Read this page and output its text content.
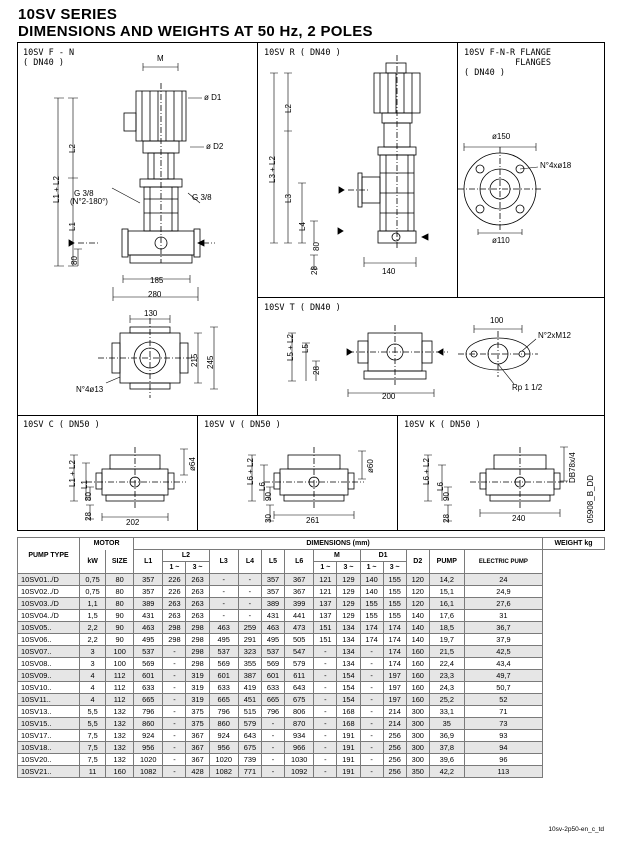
10SV SERIES
DIMENSIONS AND WEIGHTS AT 50 Hz, 2 POLES
10SV F - N
( DN40 )
10SV R ( DN40 )	10SV F-N-R FLANGE
FLANGES
( DN40 )
10SV T ( DN40 )
10SV C ( DN50 )	10SV V ( DN50 )	10SV K ( DN50 )
M
ø D1
ø D2
L2
L1 + L2
L1
G 3/8
(N°2-180°)	G 3/8
80
185
280
130
215 245
N°4ø13
L2
L3 + L2
L3
L4
80
28	140
ø150
N°4xø18
ø110
L5 + L2 L5
28
200
100
N°2xM12
Rp 1 1/2
L1 + L2 L1
80
28
202
ø64	L6 + L2
L6
90
30	261
ø60	L6 + L2
L6
90
28	240
DB78x/4
05908_B_DD
PUMP TYPE	MOTOR		DIMENSIONS (mm)														WEIGHT kg
	kW	SIZE	L1	L2		L3	L4	L5	L6	M		D1		D2	PUMP	ELECTRIC PUMP	
				1 ~	3 ~					1 ~	3 ~	1 ~	3 ~				
10SV01../D	0,75	80	357	226	263	-	-	357	367	121	129	140	155	120	14,2	24	
10SV02../D	0,75	80	357	226	263	-	-	357	367	121	129	140	155	120	15,1	24,9	
10SV03../D	1,1	80	389	263	263	-	-	389	399	137	129	155	155	120	16,1	27,6	
10SV04../D	1,5	90	431	263	263	-	-	431	441	137	129	155	155	140	17,6	31	
10SV05..	2,2	90	463	298	298	463	259	463	473	151	134	174	174	140	18,5	36,7	
10SV06..	2,2	90	495	298	298	495	291	495	505	151	134	174	174	140	19,7	37,9	
10SV07..	3	100	537	-	298	537	323	537	547	-	134	-	174	160	21,5	42,5	
10SV08..	3	100	569	-	298	569	355	569	579	-	134	-	174	160	22,4	43,4	
10SV09..	4	112	601	-	319	601	387	601	611	-	154	-	197	160	23,3	49,7	
10SV10..	4	112	633	-	319	633	419	633	643	-	154	-	197	160	24,3	50,7	
10SV11..	4	112	665	-	319	665	451	665	675	-	154	-	197	160	25,2	52	
10SV13..	5,5	132	796	-	375	796	515	796	806	-	168	-	214	300	33,1	71	
10SV15..	5,5	132	860	-	375	860	579	-	870	-	168	-	214	300	35	73	
10SV17..	7,5	132	924	-	367	924	643	-	934	-	191	-	256	300	36,9	93	
10SV18..	7,5	132	956	-	367	956	675	-	966	-	191	-	256	300	37,8	94	
10SV20..	7,5	132	1020	-	367	1020	739	-	1030	-	191	-	256	300	39,6	96	
10SV21..	11	160	1082	-	428	1082	771	-	1092	-	191	-	256	350	42,2	113	
10sv-2p50-en_c_td
